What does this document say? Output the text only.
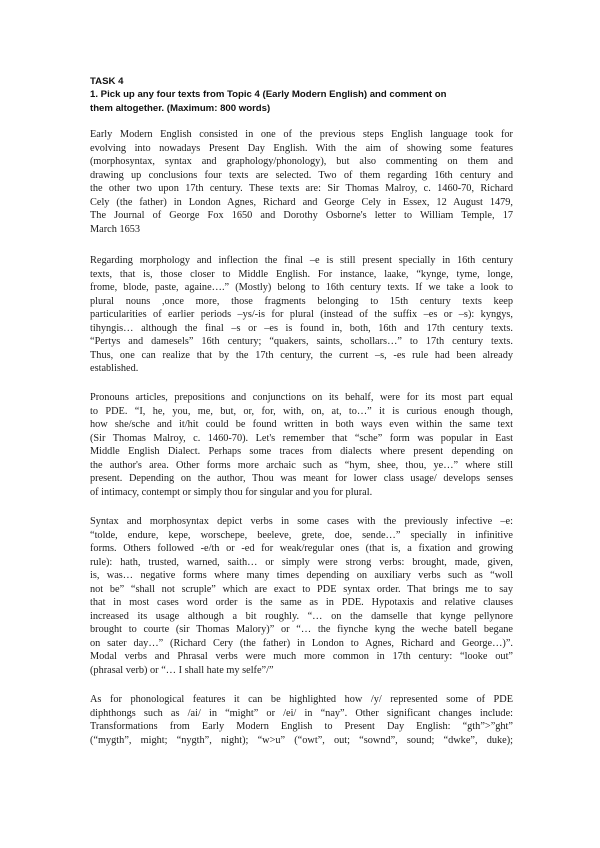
TASK 4
1. Pick up any four texts from Topic 4 (Early Modern English) and comment on
them altogether. (Maximum: 800 words)
Early Modern English consisted in one of the previous steps English language took for
evolving into nowadays Present Day English. With the aim of showing some features
(morphosyntax, syntax and graphology/phonology), but also commenting on them and
drawing up conclusions four texts are selected. Two of them regarding 16th century and
the other two upon 17th century. These texts are: Sir Thomas Malroy, c. 1460-70, Richard
Cely (the father) in London Agnes, Richard and George Cely in Essex, 12 August 1479,
The Journal of George Fox 1650 and Dorothy Osborne's letter to William Temple, 17
March 1653
Regarding morphology and inflection the final –e is still present specially in 16th century
texts, that is, those closer to Middle English. For instance, laake, “kynge, tyme, longe,
frome, blode, paste, againe….” (Mostly) belong to 16th century texts. If we take a look to
plural nouns ,once more, those fragments belonging to 15th century texts keep
particularities of earlier periods –ys/-is for plural (instead of the suffix –es or –s): kyngys,
tihyngis… although the final –s or –es is found in, both, 16th and 17th century texts.
“Pertys and damesels” 16th century; “quakers, saints, schollars…” to 17th century texts.
Thus, one can realize that by the 17th century, the current –s, -es rule had been already
established.
Pronouns articles, prepositions and conjunctions on its behalf, were for its most part equal
to PDE. “I, he, you, me, but, or, for, with, on, at, to…” it is curious enough though,
how she/sche and it/hit could be found written in both ways even within the same text
(Sir Thomas Malroy, c. 1460-70). Let's remember that “sche” form was popular in East
Middle English Dialect. Perhaps some traces from dialects where present depending on
the author's area. Other forms more archaic such as “hym, shee, thou, ye…” where still
present. Depending on the author, Thou was meant for lower class usage/ develops senses
of intimacy, contempt or simply thou for singular and you for plural.
Syntax and morphosyntax depict verbs in some cases with the previously infective –e:
“tolde, endure, kepe, worschepe, beeleve, grete, doe, sende…” specially in infinitive
forms. Others followed -e/th or -ed for weak/regular ones (that is, a fixation and growing
rule): hath, trusted, warned, saith… or simply were strong verbs: brought, made, given,
is, was… negative forms where many times depending on auxiliary verbs such as “woll
not be” “shall not scruple” which are exact to PDE syntax order. That brings me to say
that in most cases word order is the same as in PDE. Hypotaxis and relative clauses
increased its usage although a bit roughly. “… on the damselle that kynge pellynore
brought to courte (sir Thomas Malory)” or “… the fiynche kyng the weche batell begane
on sater day…” (Richard Cery (the father) in London to Agnes, Richard and George…)”.
Modal verbs and Phrasal verbs were much more common in 17th century: “looke out”
(phrasal verb) or “… I shall hate my selfe”/”
As for phonological features it can be highlighted how /y/ represented some of PDE
diphthongs such as /ai/ in “might” or /ei/ in “nay”. Other significant changes include:
Transformations from Early Modern English to Present Day English: “gth”>”ght”
(“mygth”, might; “nygth”, night); “w>u” (“owt”, out; “sownd”, sound; “dwke”, duke);
